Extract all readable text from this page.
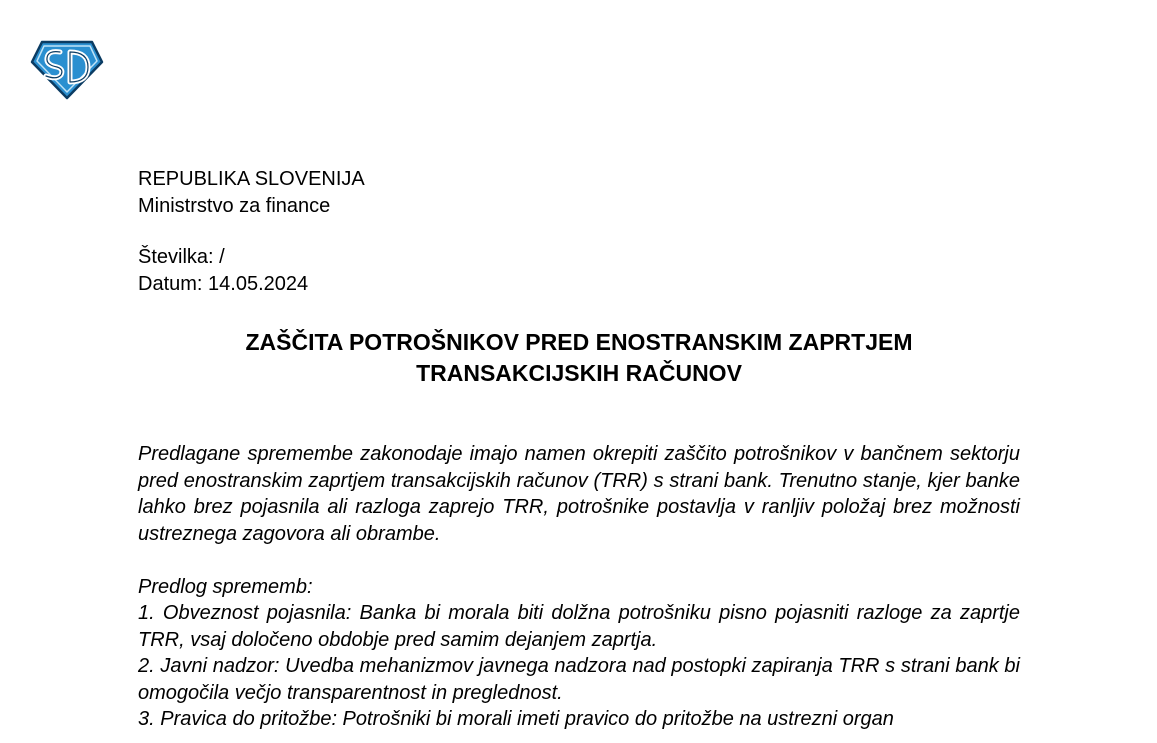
REPUBLIKA SLOVENIJA
Ministrstvo za finance
Številka: /
Datum: 14.05.2024
ZAŠČITA POTROŠNIKOV PRED ENOSTRANSKIM ZAPRTJEM
TRANSAKCIJSKIH RAČUNOV

Predlagane spremembe zakonodaje imajo namen okrepiti zaščito potrošnikov v bančnem sektorju pred enostranskim zaprtjem transakcijskih računov (TRR) s strani bank. Trenutno stanje, kjer banke lahko brez pojasnila ali razloga zaprejo TRR, potrošnike postavlja v ranljiv položaj brez možnosti ustreznega zagovora ali obrambe.

Predlog sprememb:

1. Obveznost pojasnila: Banka bi morala biti dolžna potrošniku pisno pojasniti razloge za zaprtje TRR, vsaj določeno obdobje pred samim dejanjem zaprtja.

2. Javni nadzor: Uvedba mehanizmov javnega nadzora nad postopki zapiranja TRR s strani bank bi omogočila večjo transparentnost in preglednost.

3. Pravica do pritožbe: Potrošniki bi morali imeti pravico do pritožbe na ustrezni organ
